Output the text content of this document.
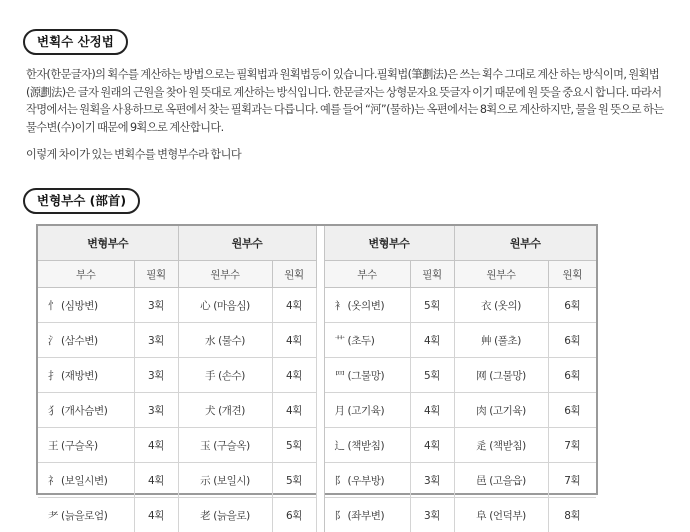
변획수 산정법

한자(한문글자)의 획수를 계산하는 방법으로는 필획법과 원획법등이 있습니다.필획법(筆劃法)은 쓰는 획수 그대로 계산 하는 방식이며, 원획법(源劃法)은 글자 원래의 근원을 찾아 원 뜻대로 계산하는 방식입니다. 한문글자는 상형문자요 뜻글자 이기 때문에 원 뜻을 중요시 합니다. 따라서 작명에서는 원획을 사용하므로 옥편에서 찾는 필획과는 다릅니다. 예를 들어 “河”(물하)는 옥편에서는 8획으로 계산하지만, 물을 원 뜻으로 하는 물수변(수)이기 때문에 9획으로 계산합니다.

이렇게 차이가 있는 변획수를 변형부수라 합니다

변형부수 (部首)
변형부수		원부수			변형부수		원부수	
부수	필획	원부수	원획		부수	필획	원부수	원획
忄 (심방변)	3획	心 (마음심)	4획		衤 (옷의변)	5획	衣 (옷의)	6획
氵 (삼수변)	3획	水 (물수)	4획		艹 (초두)	4획	艸 (풀초)	6획
扌 (재방변)	3획	手 (손수)	4획		罒 (그물망)	5획	网 (그물망)	6획
犭 (개사슴변)	3획	犬 (개견)	4획		月 (고기육)	4획	肉 (고기육)	6획
王 (구슬옥)	4획	玉 (구슬옥)	5획		辶 (책받침)	4획	辵 (책받침)	7획
礻 (보일시변)	4획	示 (보일시)	5획		阝 (우부방)	3획	邑 (고을읍)	7획
耂 (늙을로엄)	4획	老 (늙을로)	6획		阝 (좌부변)	3획	阜 (언덕부)	8획
